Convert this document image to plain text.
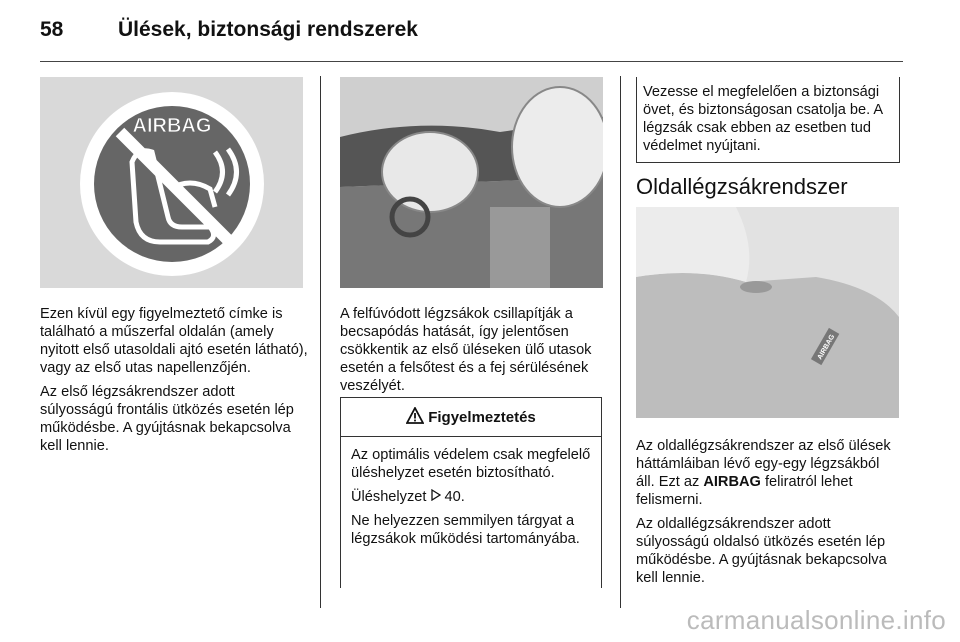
58	Ülések, biztonsági rendszerek
AIRBAG

Ezen kívül egy figyelmeztető címke is található a műszerfal oldalán (amely nyitott első utasoldali ajtó esetén látható), vagy az első utas napellenzőjén.

Az első légzsákrendszer adott súlyosságú frontális ütközés esetén lép működésbe. A gyújtásnak bekapcsolva kell lennie.

A felfúvódott légzsákok csillapítják a becsapódás hatását, így jelentősen csökkentik az első üléseken ülő utasok esetén a felsőtest és a fej sérülésének veszélyét.
Figyelmeztetés

Az optimális védelem csak megfelelő üléshelyzet esetén biztosítható.

Üléshelyzet  40.

Ne helyezzen semmilyen tárgyat a légzsákok működési tartományába.

Vezesse el megfelelően a biztonsági övet, és biztonságosan csatolja be. A légzsák csak ebben az esetben tud védelmet nyújtani.
Oldallégzsákrendszer
AIRBAG

Az oldallégzsákrendszer az első ülések háttámláiban lévő egy-egy légzsákból áll. Ezt az AIRBAG feliratról lehet felismerni.

Az oldallégzsákrendszer adott súlyosságú oldalsó ütközés esetén lép működésbe. A gyújtásnak bekapcsolva kell lennie.

carmanualsonline.info
